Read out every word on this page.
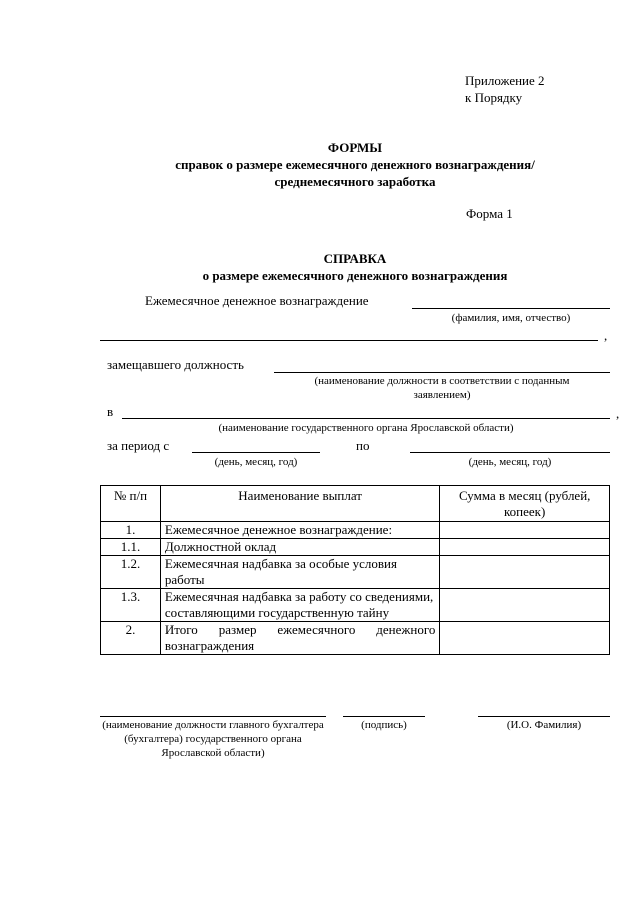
Приложение 2
к Порядку
ФОРМЫ
справок о размере ежемесячного денежного вознаграждения/
среднемесячного заработка
Форма 1
СПРАВКА
о размере ежемесячного денежного вознаграждения
Ежемесячное денежное вознаграждение
(фамилия, имя, отчество)
,
замещавшего должность
(наименование должности в соответствии с поданным
заявлением)
в	,
(наименование государственного органа Ярославской области)
за период с
(день, месяц, год)
по
(день, месяц, год)
№ п/п	Наименование выплат	Сумма в месяц (рублей, копеек)
1.	Ежемесячное денежное вознаграждение:	
1.1.	Должностной оклад	
1.2.	Ежемесячная надбавка за особые условия работы	
1.3.	Ежемесячная надбавка за работу со сведениями, составляющими государственную тайну	
2.	Итого размер ежемесячного денежного вознаграждения	
(наименование должности главного бухгалтера (бухгалтера) государственного органа Ярославской области)
(подпись)	(И.О. Фамилия)
